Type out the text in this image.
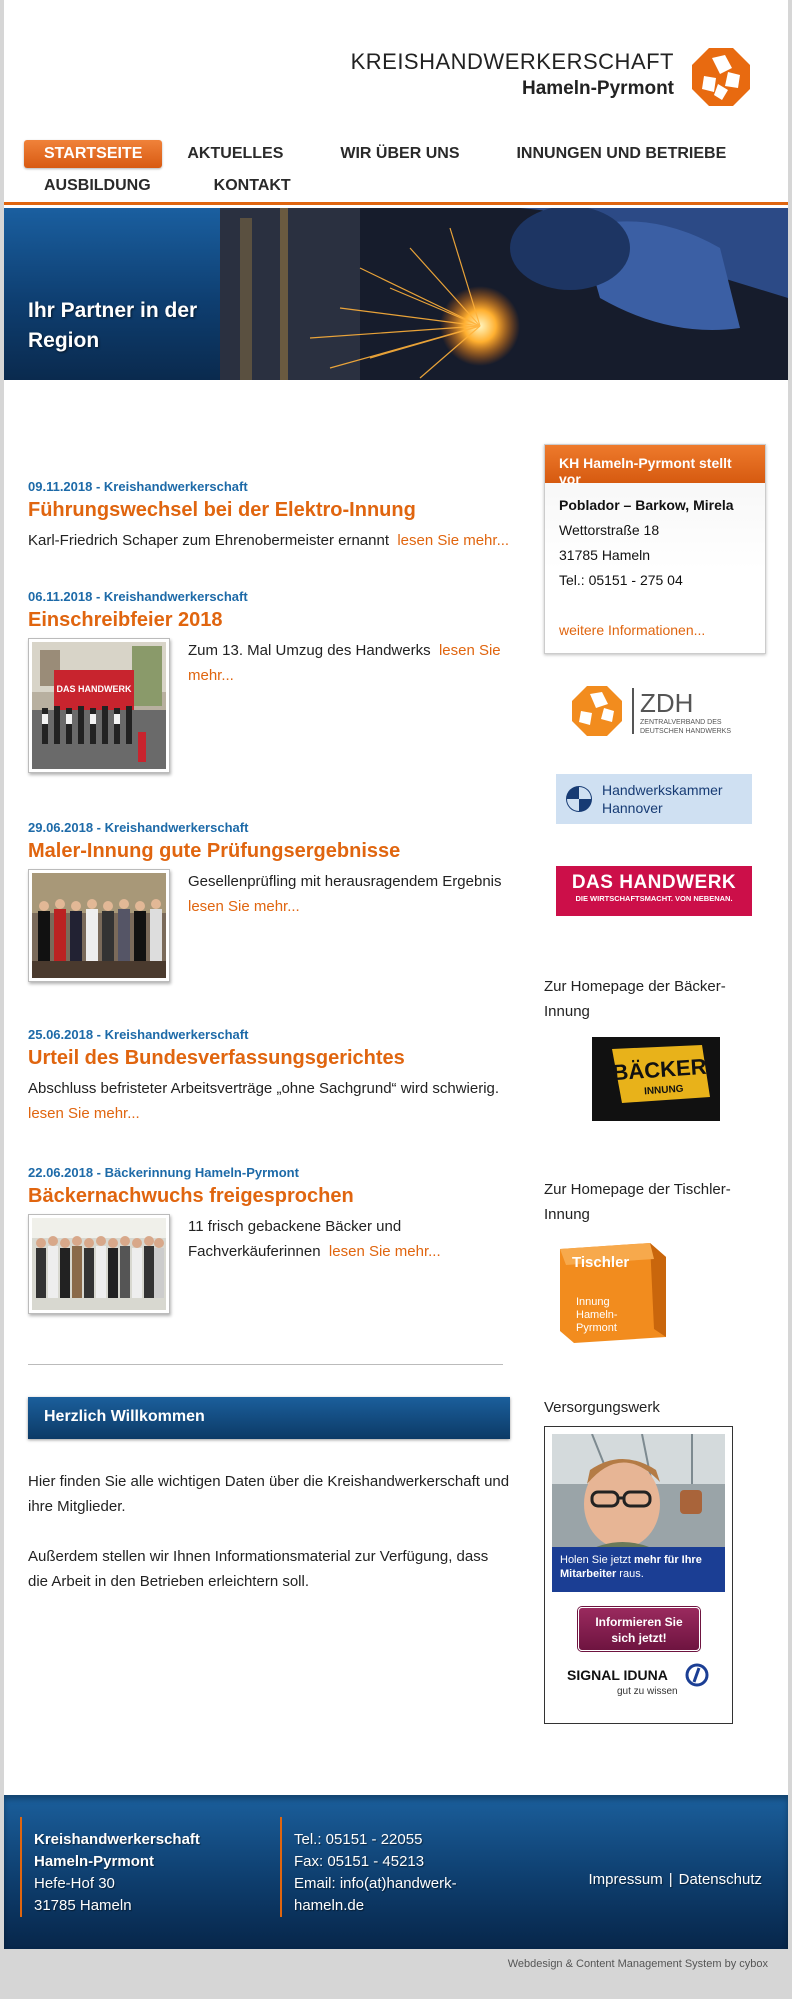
KREISHANDWERKERSCHAFT
Hameln-Pyrmont
STARTSEITE	AKTUELLES	WIR ÜBER UNS	INNUNGEN UND BETRIEBE
AUSBILDUNG	KONTAKT
Ihr Partner in der
Region
09.11.2018 - Kreishandwerkerschaft
Führungswechsel bei der Elektro-Innung
Karl-Friedrich Schaper zum Ehrenobermeister ernannt lesen Sie mehr...
06.11.2018 - Kreishandwerkerschaft
Einschreibfeier 2018
DAS HANDWERK
Zum 13. Mal Umzug des Handwerks lesen Sie mehr...
29.06.2018 - Kreishandwerkerschaft
Maler-Innung gute Prüfungsergebnisse
Gesellenprüfling mit herausragendem Ergebnis  lesen Sie mehr...
25.06.2018 - Kreishandwerkerschaft
Urteil des Bundesverfassungsgerichtes
Abschluss befristeter Arbeitsverträge „ohne Sachgrund“ wird schwierig.  lesen Sie mehr...
22.06.2018 - Bäckerinnung Hameln-Pyrmont
Bäckernachwuchs freigesprochen
11 frisch gebackene Bäcker und Fachverkäuferinnen lesen Sie mehr...
Herzlich Willkommen

Hier finden Sie alle wichtigen Daten über die Kreishandwerkerschaft und ihre Mitglieder.

Außerdem stellen wir Ihnen Informationsmaterial zur Verfügung, dass die Arbeit in den Betrieben erleichtern soll.

KH Hameln-Pyrmont stellt vor
Poblador – Barkow, Mirela
Wettorstraße 18
31785 Hameln
Tel.: 05151 - 275 04
weitere Informationen...
ZDH
ZENTRALVERBAND DES
DEUTSCHEN HANDWERKS
Handwerkskammer
Hannover
DAS HANDWERK
DIE WIRTSCHAFTSMACHT. VON NEBENAN.
Zur Homepage der Bäcker-Innung
BÄCKER
INNUNG
Zur Homepage der Tischler-Innung
Tischler
Innung
Hameln-
Pyrmont
Versorgungswerk
Holen Sie jetzt mehr für Ihre Mitarbeiter raus.
Informieren Sie sich jetzt!
SIGNAL IDUNA
gut zu wissen
Kreishandwerkerschaft
Hameln-Pyrmont
Hefe-Hof 30
31785 Hameln
Tel.: 05151 - 22055
Fax: 05151 - 45213
Email: info(at)handwerk-hameln.de
Impressum | Datenschutz
Webdesign & Content Management System by cybox
